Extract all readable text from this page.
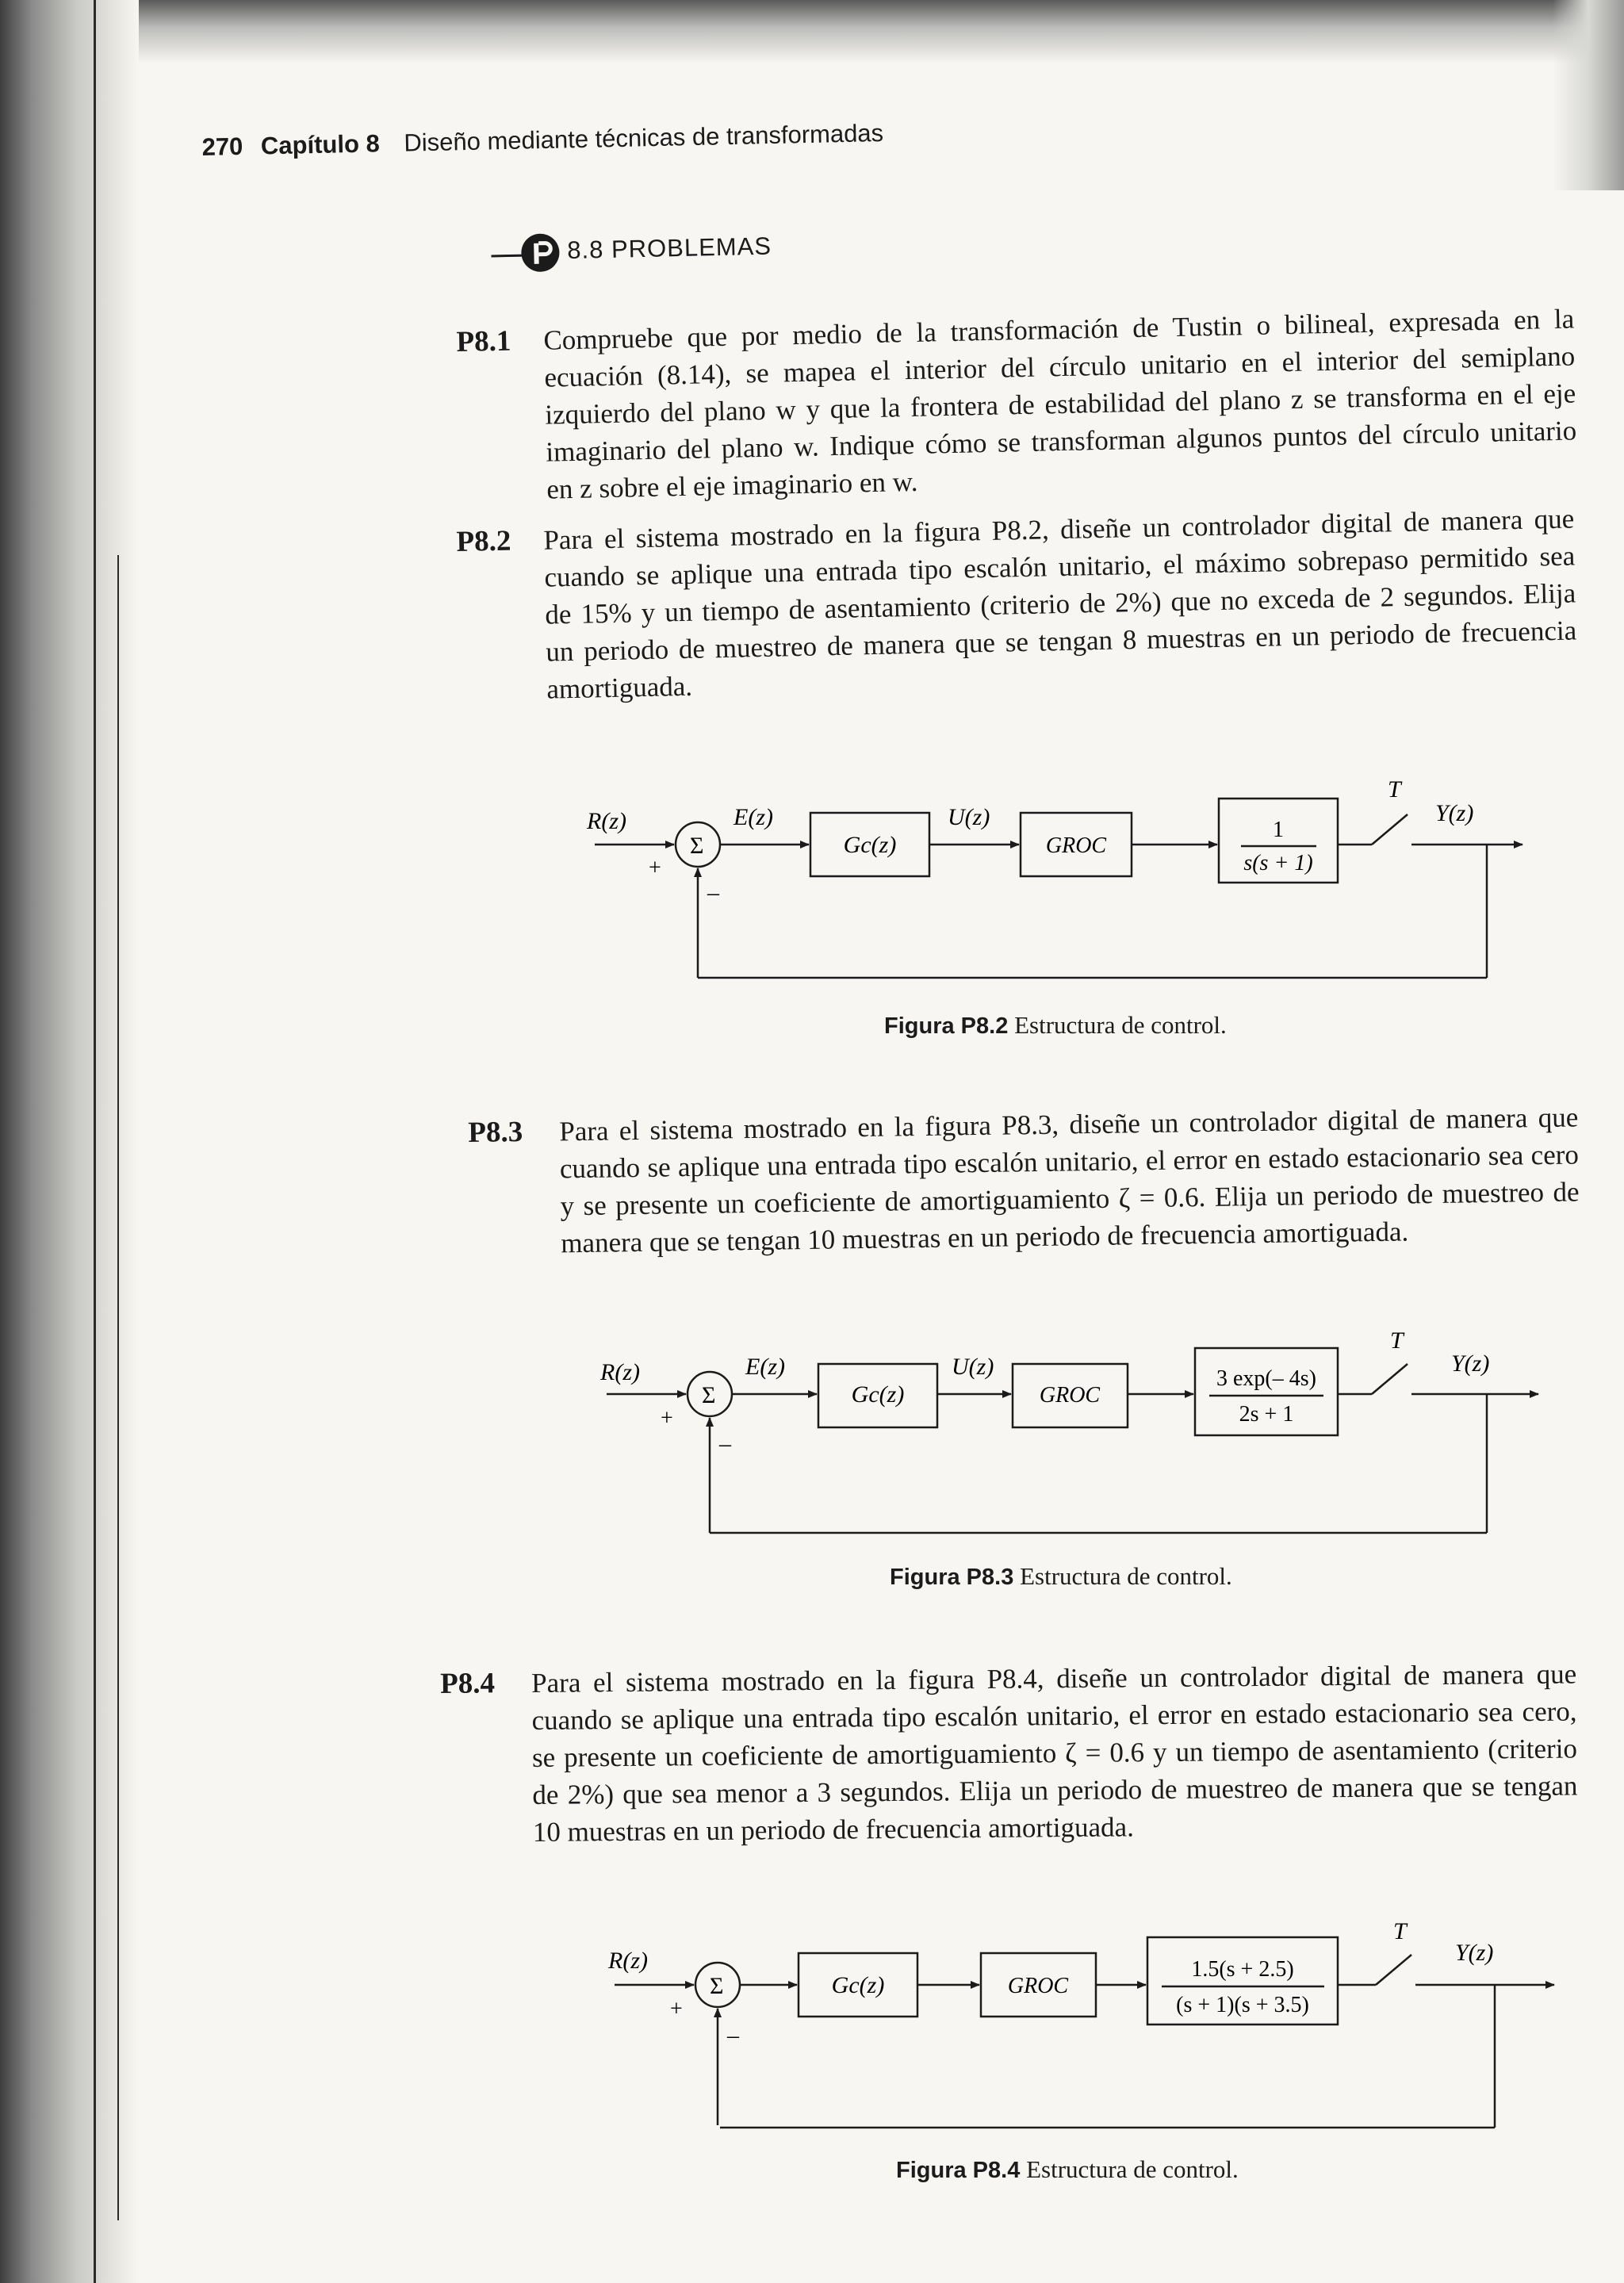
270 Capítulo 8 Diseño mediante técnicas de transformadas
8.8 PROBLEMAS
P8.1 Compruebe que por medio de la transformación de Tustin o bilineal, expresada en la
ecuación (8.14), se mapea el interior del círculo unitario en el interior del semiplano
izquierdo del plano w y que la frontera de estabilidad del plano z se transforma en el eje
imaginario del plano w. Indique cómo se transforman algunos puntos del círculo unitario
en z sobre el eje imaginario en w.
P8.2 Para el sistema mostrado en la figura P8.2, diseñe un controlador digital de manera que
cuando se aplique una entrada tipo escalón unitario, el máximo sobrepaso permitido sea
de 15% y un tiempo de asentamiento (criterio de 2%) que no exceda de 2 segundos. Elija
un periodo de muestreo de manera que se tengan 8 muestras en un periodo de frecuencia
amortiguada.
R(z)
+
–
Σ
E(z)
Gc(z)
U(z)
GROC
1
s(s + 1)
T
Y(z)
Figura P8.2 Estructura de control.
P8.3 Para el sistema mostrado en la figura P8.3, diseñe un controlador digital de manera que
cuando se aplique una entrada tipo escalón unitario, el error en estado estacionario sea cero
y se presente un coeficiente de amortiguamiento ζ = 0.6. Elija un periodo de muestreo de
manera que se tengan 10 muestras en un periodo de frecuencia amortiguada.
R(z)
+
–
Σ
E(z)
Gc(z)
U(z)
GROC
3 exp(– 4s)
2s + 1
T
Y(z)
Figura P8.3 Estructura de control.
P8.4 Para el sistema mostrado en la figura P8.4, diseñe un controlador digital de manera que
cuando se aplique una entrada tipo escalón unitario, el error en estado estacionario sea cero,
se presente un coeficiente de amortiguamiento ζ = 0.6 y un tiempo de asentamiento (criterio
de 2%) que sea menor a 3 segundos. Elija un periodo de muestreo de manera que se tengan
10 muestras en un periodo de frecuencia amortiguada.
R(z)
+
–
Σ	Gc(z)	GROC
1.5(s + 2.5)
(s + 1)(s + 3.5)
T
Y(z)
Figura P8.4 Estructura de control.
